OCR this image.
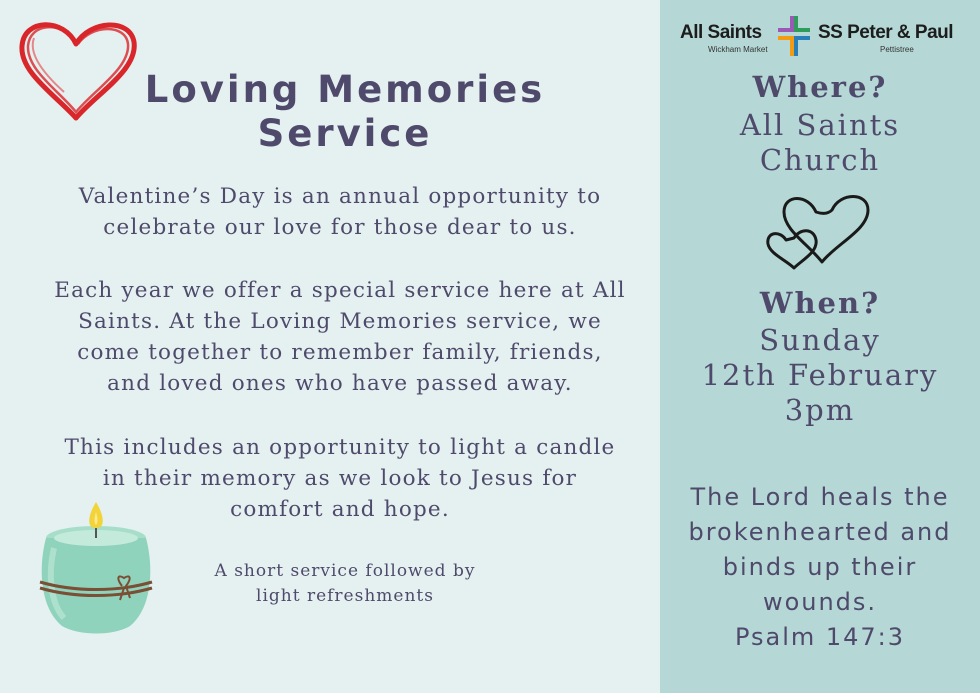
Loving Memories
Service
Valentine’s Day is an annual opportunity to
celebrate our love for those dear to us.
Each year we offer a special service here at All
Saints. At the Loving Memories service, we
come together to remember family, friends,
and loved ones who have passed away.
This includes an opportunity to light a candle
in their memory as we look to Jesus for
comfort and hope.
A short service followed by
light refreshments
All Saints
Wickham Market
SS Peter & Paul
Pettistree
Where?
All Saints
Church
When?
Sunday
12th February
3pm
The Lord heals the
brokenhearted and
binds up their
wounds.
Psalm 147:3
